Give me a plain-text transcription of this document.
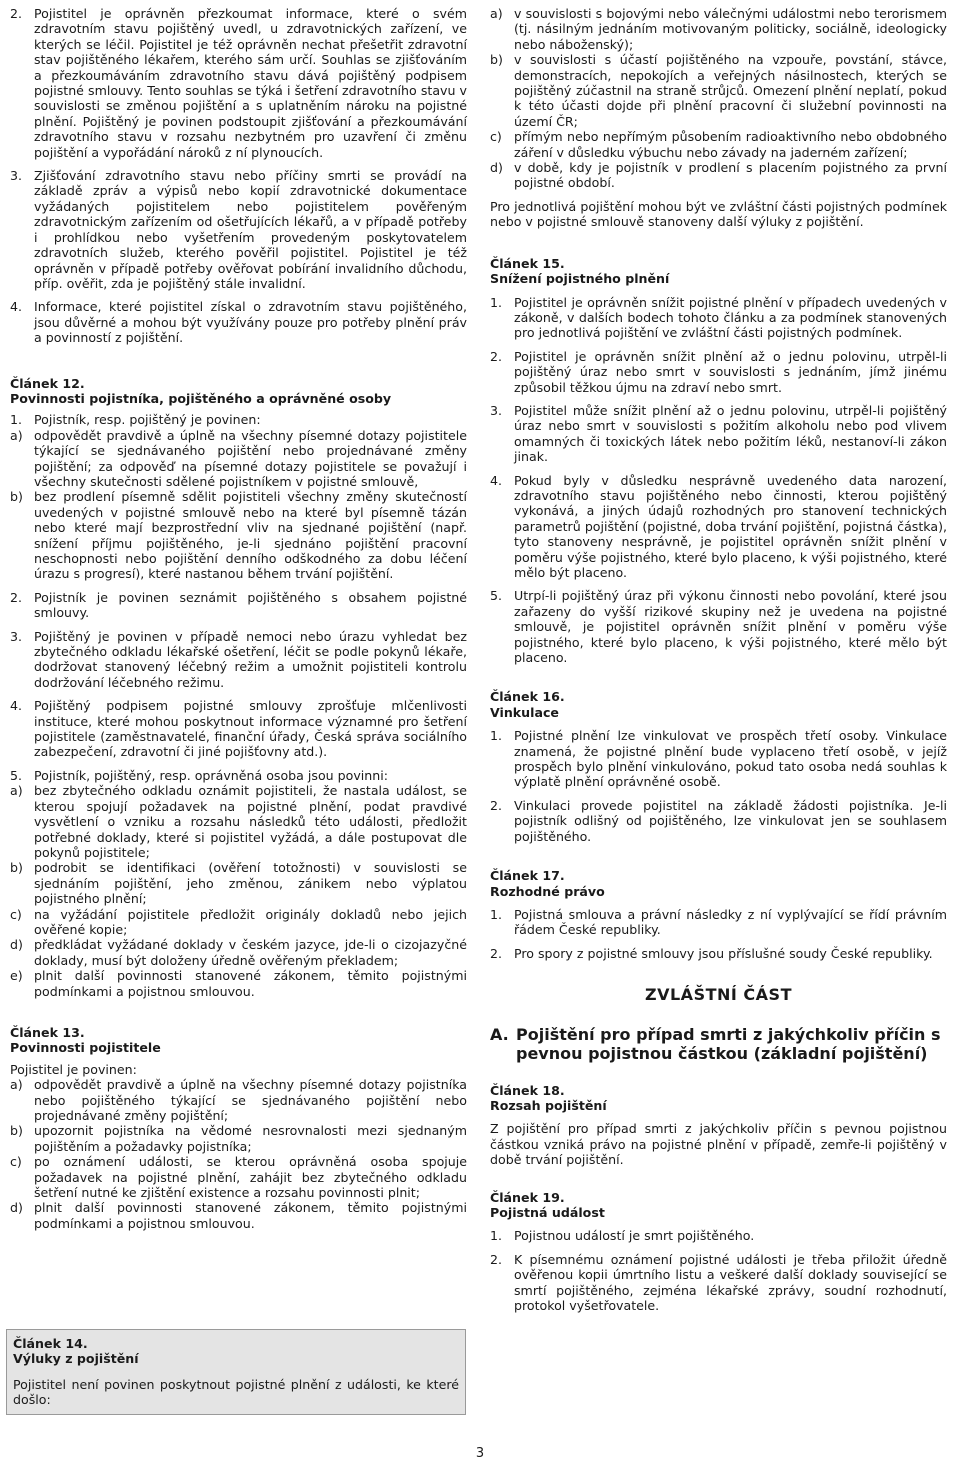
2. Pojistitel je oprávněn přezkoumat informace, které o svém zdravotním stavu pojištěný uvedl, u zdravotnických zařízení, ve kterých se léčil. Pojistitel je též oprávněn nechat přešetřit zdravotní stav pojištěného lékařem, kterého sám určí. Souhlas se zjišťováním a přezkoumáváním zdravotního stavu dává pojištěný podpisem pojistné smlouvy. Tento souhlas se týká i šetření zdravotního stavu v souvislosti se změnou pojištění a s uplatněním nároku na pojistné plnění. Pojištěný je povinen podstoupit zjišťování a přezkoumávání zdravotního stavu v rozsahu nezbytném pro uzavření či změnu pojištění a vypořádání nároků z ní plynoucích.
3. Zjišťování zdravotního stavu nebo příčiny smrti se provádí na základě zpráv a výpisů nebo kopií zdravotnické dokumentace vyžádaných pojistitelem nebo pojistitelem pověřeným zdravotnickým zařízením od ošetřujících lékařů, a v případě potřeby i prohlídkou nebo vyšetřením provedeným poskytovatelem zdravotních služeb, kterého pověřil pojistitel. Pojistitel je též oprávněn v případě potřeby ověřovat pobírání invalidního důchodu, příp. ověřit, zda je pojištěný stále invalidní.
4. Informace, které pojistitel získal o zdravotním stavu pojištěného, jsou důvěrné a mohou být využívány pouze pro potřeby plnění práv a povinností z pojištění.
Článek 12.
Povinnosti pojistníka, pojištěného a oprávněné osoby
1. Pojistník, resp. pojištěný je povinen:
a) odpovědět pravdivě a úplně na všechny písemné dotazy pojistitele týkající se sjednávaného pojištění nebo projednávané změny pojištění; za odpověď na písemné dotazy pojistitele se považují i všechny skutečnosti sdělené pojistníkem v pojistné smlouvě,
b) bez prodlení písemně sdělit pojistiteli všechny změny skutečností uvedených v pojistné smlouvě nebo na které byl písemně tázán nebo které mají bezprostřední vliv na sjednané pojištění (např. snížení příjmu pojištěného, je-li sjednáno pojištění pracovní neschopnosti nebo pojištění denního odškodného za dobu léčení úrazu s progresí), které nastanou během trvání pojištění.
2. Pojistník je povinen seznámit pojištěného s obsahem pojistné smlouvy.
3. Pojištěný je povinen v případě nemoci nebo úrazu vyhledat bez zbytečného odkladu lékařské ošetření, léčit se podle pokynů lékaře, dodržovat stanovený léčebný režim a umožnit pojistiteli kontrolu dodržování léčebného režimu.
4. Pojištěný podpisem pojistné smlouvy zprošťuje mlčenlivosti instituce, které mohou poskytnout informace významné pro šetření pojistitele (zaměstnavatelé, finanční úřady, Česká správa sociálního zabezpečení, zdravotní či jiné pojišťovny atd.).
5. Pojistník, pojištěný, resp. oprávněná osoba jsou povinni:
a) bez zbytečného odkladu oznámit pojistiteli, že nastala událost, se kterou spojují požadavek na pojistné plnění, podat pravdivé vysvětlení o vzniku a rozsahu následků této události, předložit potřebné doklady, které si pojistitel vyžádá, a dále postupovat dle pokynů pojistitele;
b) podrobit se identifikaci (ověření totožnosti) v souvislosti se sjednáním pojištění, jeho změnou, zánikem nebo výplatou pojistného plnění;
c) na vyžádání pojistitele předložit originály dokladů nebo jejich ověřené kopie;
d) předkládat vyžádané doklady v českém jazyce, jde-li o cizojazyčné doklady, musí být doloženy úředně ověřeným překladem;
e) plnit další povinnosti stanovené zákonem, těmito pojistnými podmínkami a pojistnou smlouvou.
Článek 13.
Povinnosti pojistitele

Pojistitel je povinen:

a) odpovědět pravdivě a úplně na všechny písemné dotazy pojistníka nebo pojištěného týkající se sjednávaného pojištění nebo projednávané změny pojištění;
b) upozornit pojistníka na vědomé nesrovnalosti mezi sjednaným pojištěním a požadavky pojistníka;
c) po oznámení události, se kterou oprávněná osoba spojuje požadavek na pojistné plnění, zahájit bez zbytečného odkladu šetření nutné ke zjištění existence a rozsahu povinnosti plnit;
d) plnit další povinnosti stanovené zákonem, těmito pojistnými podmínkami a pojistnou smlouvou.
Článek 14.
Výluky z pojištění

Pojistitel není povinen poskytnout pojistné plnění z události, ke které došlo:

a) v souvislosti s bojovými nebo válečnými událostmi nebo terorismem (tj. násilným jednáním motivovaným politicky, sociálně, ideologicky nebo náboženský);
b) v souvislosti s účastí pojištěného na vzpouře, povstání, stávce, demonstracích, nepokojích a veřejných násilnostech, kterých se pojištěný zúčastnil na straně strůjců. Omezení plnění neplatí, pokud k této účasti dojde při plnění pracovní či služební povinnosti na území ČR;
c) přímým nebo nepřímým působením radioaktivního nebo obdobného záření v důsledku výbuchu nebo závady na jaderném zařízení;
d) v době, kdy je pojistník v prodlení s placením pojistného za první pojistné období.

Pro jednotlivá pojištění mohou být ve zvláštní části pojistných podmínek nebo v pojistné smlouvě stanoveny další výluky z pojištění.

Článek 15.
Snížení pojistného plnění
1. Pojistitel je oprávněn snížit pojistné plnění v případech uvedených v zákoně, v dalších bodech tohoto článku a za podmínek stanovených pro jednotlivá pojištění ve zvláštní části pojistných podmínek.
2. Pojistitel je oprávněn snížit plnění až o jednu polovinu, utrpěl-li pojištěný úraz nebo smrt v souvislosti s jednáním, jímž jinému způsobil těžkou újmu na zdraví nebo smrt.
3. Pojistitel může snížit plnění až o jednu polovinu, utrpěl-li pojištěný úraz nebo smrt v souvislosti s požitím alkoholu nebo pod vlivem omamných či toxických látek nebo požitím léků, nestanoví-li zákon jinak.
4. Pokud byly v důsledku nesprávně uvedeného data narození, zdravotního stavu pojištěného nebo činnosti, kterou pojištěný vykonává, a jiných údajů rozhodných pro stanovení technických parametrů pojištění (pojistné, doba trvání pojištění, pojistná částka), tyto stanoveny nesprávně, je pojistitel oprávněn snížit plnění v poměru výše pojistného, které bylo placeno, k výši pojistného, které mělo být placeno.
5. Utrpí-li pojištěný úraz při výkonu činnosti nebo povolání, které jsou zařazeny do vyšší rizikové skupiny než je uvedena na pojistné smlouvě, je pojistitel oprávněn snížit plnění v poměru výše pojistného, které bylo placeno, k výši pojistného, které mělo být placeno.
Článek 16.
Vinkulace
1. Pojistné plnění lze vinkulovat ve prospěch třetí osoby. Vinkulace znamená, že pojistné plnění bude vyplaceno třetí osobě, v jejíž prospěch bylo plnění vinkulováno, pokud tato osoba nedá souhlas k výplatě plnění oprávněné osobě.
2. Vinkulaci provede pojistitel na základě žádosti pojistníka. Je-li pojistník odlišný od pojištěného, lze vinkulovat jen se souhlasem pojištěného.
Článek 17.
Rozhodné právo
1. Pojistná smlouva a právní následky z ní vyplývající se řídí právním řádem České republiky.
2. Pro spory z pojistné smlouvy jsou příslušné soudy České republiky.
ZVLÁŠTNÍ ČÁST
A. Pojištění pro případ smrti z jakýchkoliv příčin s pevnou pojistnou částkou (základní pojištění)
Článek 18.
Rozsah pojištění

Z pojištění pro případ smrti z jakýchkoliv příčin s pevnou pojistnou částkou vzniká právo na pojistné plnění v případě, zemře-li pojištěný v době trvání pojištění.

Článek 19.
Pojistná událost
1. Pojistnou událostí je smrt pojištěného.
2. K písemnému oznámení pojistné události je třeba přiložit úředně ověřenou kopii úmrtního listu a veškeré další doklady související se smrtí pojištěného, zejména lékařské zprávy, soudní rozhodnutí, protokol vyšetřovatele.
3
